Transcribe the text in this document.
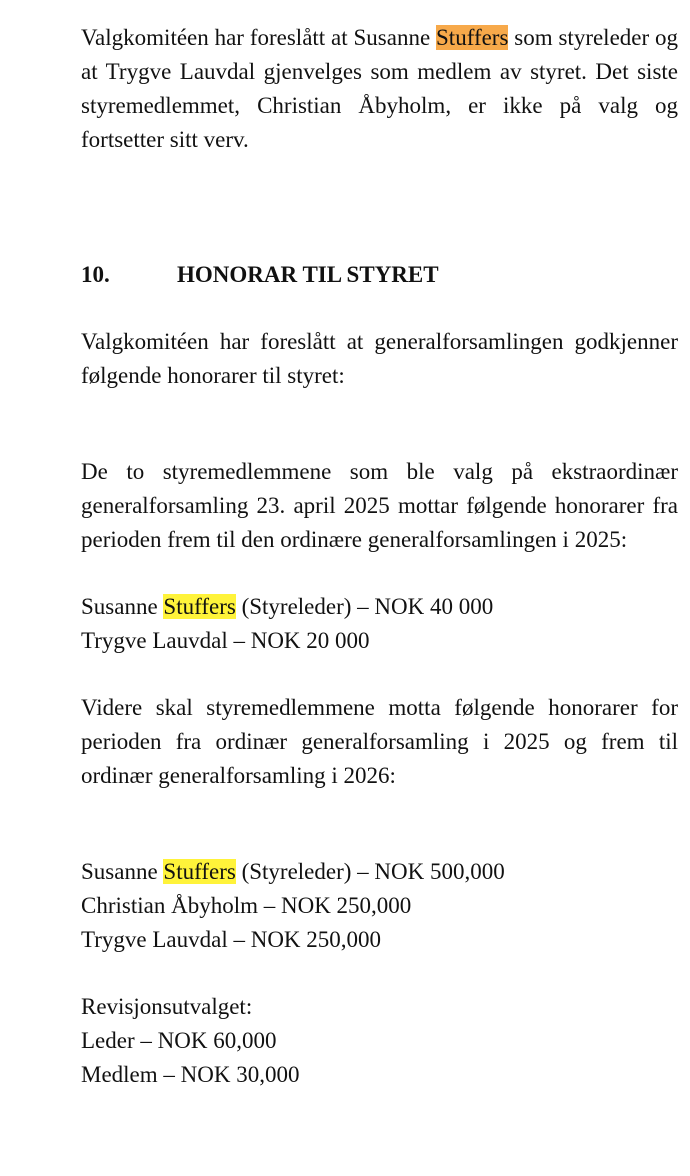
Valgkomitéen har foreslått at Susanne Stuffers som styreleder og at Trygve Lauvdal gjenvelges som medlem av styret. Det siste styremedlemmet, Christian Åbyholm, er ikke på valg og fortsetter sitt verv.

10.	HONORAR TIL STYRET

Valgkomitéen har foreslått at generalforsamlingen godkjenner følgende honorarer til styret:

De to styremedlemmene som ble valg på ekstraordinær generalforsamling 23. april 2025 mottar følgende honorarer fra perioden frem til den ordinære generalforsamlingen i 2025:

Susanne Stuffers (Styreleder) – NOK 40 000

Trygve Lauvdal – NOK 20 000

Videre skal styremedlemmene motta følgende honorarer for perioden fra ordinær generalforsamling i 2025 og frem til ordinær generalforsamling i 2026:

Susanne Stuffers (Styreleder) – NOK 500,000

Christian Åbyholm – NOK 250,000

Trygve Lauvdal – NOK 250,000

Revisjonsutvalget:

Leder – NOK 60,000

Medlem – NOK 30,000
